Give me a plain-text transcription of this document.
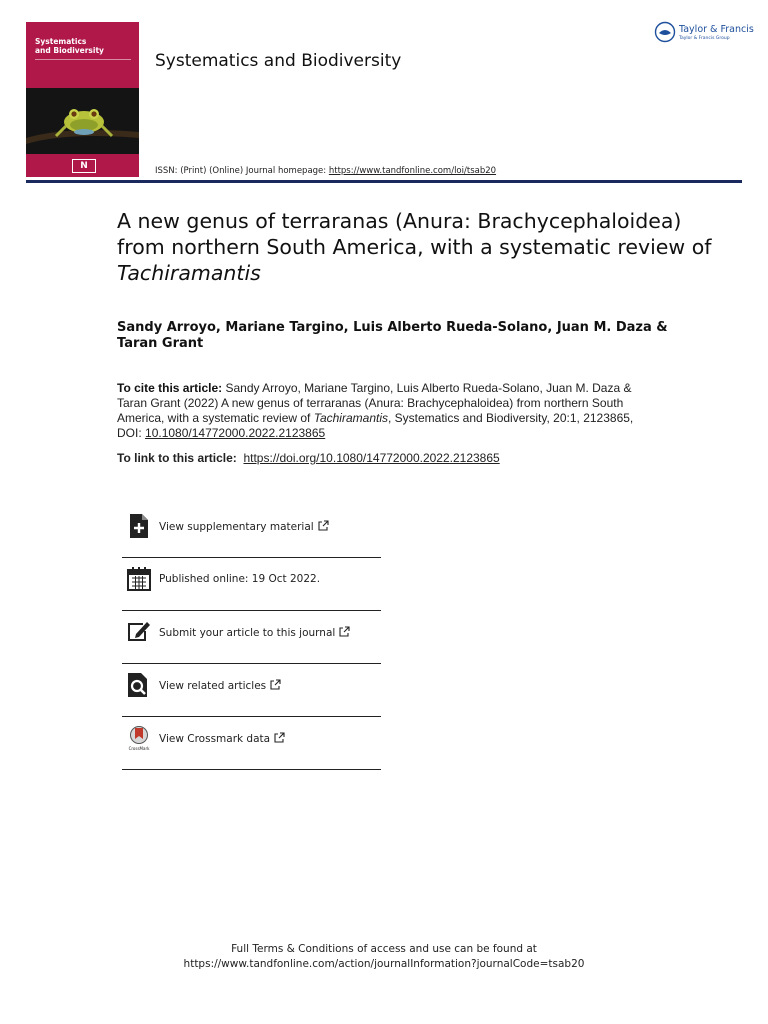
Systematics
and Biodiversity
N
Systematics and Biodiversity
Taylor & Francis
Taylor & Francis Group
ISSN: (Print) (Online) Journal homepage: https://www.tandfonline.com/loi/tsab20
A new genus of terraranas (Anura: Brachycephaloidea) from northern South America, with a systematic review of Tachiramantis
Sandy Arroyo, Mariane Targino, Luis Alberto Rueda-Solano, Juan M. Daza & Taran Grant
To cite this article: Sandy Arroyo, Mariane Targino, Luis Alberto Rueda-Solano, Juan M. Daza & Taran Grant (2022) A new genus of terraranas (Anura: Brachycephaloidea) from northern South America, with a systematic review of Tachiramantis, Systematics and Biodiversity, 20:1, 2123865, DOI: 10.1080/14772000.2022.2123865
To link to this article:  https://doi.org/10.1080/14772000.2022.2123865
View supplementary material
Published online: 19 Oct 2022.
Submit your article to this journal
View related articles
CrossMark
View Crossmark data
Full Terms & Conditions of access and use can be found at
https://www.tandfonline.com/action/journalInformation?journalCode=tsab20
